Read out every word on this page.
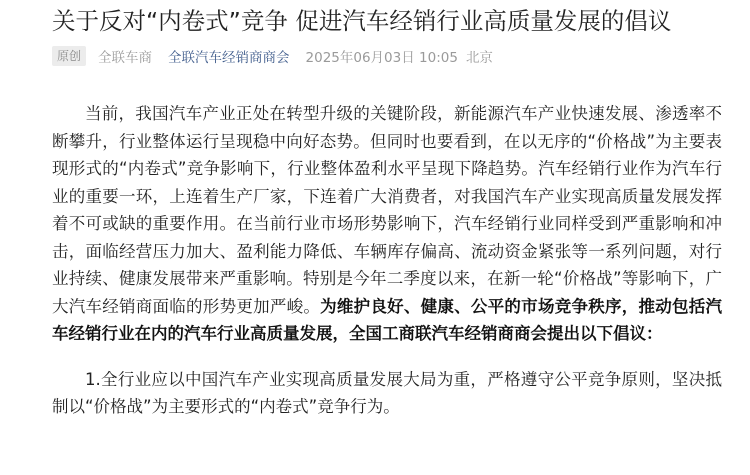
关于反对“内卷式”竞争 促进汽车经销行业高质量发展的倡议
原创	全联车商 全联汽车经销商商会 2025年06月03日 10:05 北京

当前，我国汽车产业正处在转型升级的关键阶段，新能源汽车产业快速发展、渗透率不断攀升，行业整体运行呈现稳中向好态势。但同时也要看到，在以无序的“价格战”为主要表现形式的“内卷式”竞争影响下，行业整体盈利水平呈现下降趋势。汽车经销行业作为汽车行业的重要一环，上连着生产厂家，下连着广大消费者，对我国汽车产业实现高质量发展发挥着不可或缺的重要作用。在当前行业市场形势影响下，汽车经销行业同样受到严重影响和冲击，面临经营压力加大、盈利能力降低、车辆库存偏高、流动资金紧张等一系列问题，对行业持续、健康发展带来严重影响。特别是今年二季度以来，在新一轮“价格战”等影响下，广大汽车经销商面临的形势更加严峻。为维护良好、健康、公平的市场竞争秩序，推动包括汽车经销行业在内的汽车行业高质量发展，全国工商联汽车经销商商会提出以下倡议：

1.全行业应以中国汽车产业实现高质量发展大局为重，严格遵守公平竞争原则，坚决抵制以“价格战”为主要形式的“内卷式”竞争行为。
